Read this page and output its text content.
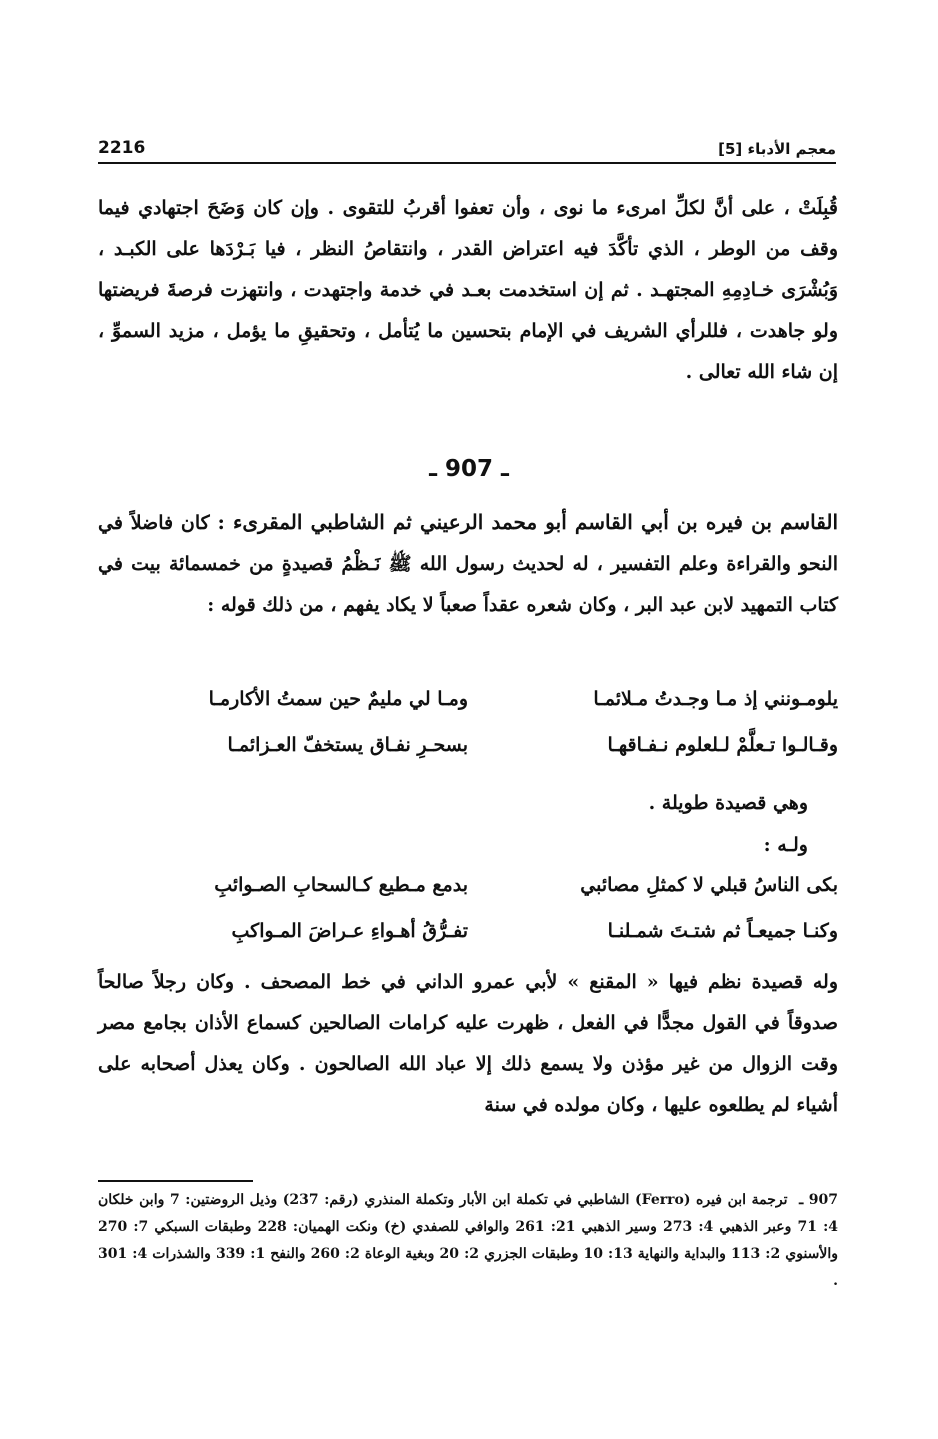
2216	معجم الأدباء [5]
قُبِلَتْ ، على أنَّ لكلِّ امرىء ما نوى ، وأن تعفوا أقربُ للتقوى . وإن كان وَضَحَ اجتهادي فيما وقف من الوطر ، الذي تأكَّدَ فيه اعتراض القدر ، وانتقاصُ النظر ، فيا بَـرْدَها على الكبـد ، وَبُشْرَى خـادِمِهِ المجتهـد . ثم إن استخدمت بعـد في خدمة واجتهدت ، وانتهزت فرصةَ فريضتها ولو جاهدت ، فللرأي الشريف في الإمام بتحسين ما يُتأمل ، وتحقيقِ ما يؤمل ، مزيد السموِّ ، إن شاء الله تعالى .
ـ 907 ـ
القاسم بن فيره بن أبي القاسم أبو محمد الرعيني ثم الشاطبي المقرىء : كان فاضلاً في النحو والقراءة وعلم التفسير ، له لحديث رسول الله ﷺ نَـظْمُ قصيدةٍ من خمسمائة بيت في كتاب التمهيد لابن عبد البر ، وكان شعره عقداً صعباً لا يكاد يفهم ، من ذلك قوله :
يلومـونني إذ مـا وجـدتُ مـلائمـا
ومـا لي مليمٌ حين سمتُ الأكارمـا
وقـالـوا تـعلَّمْ لـلعلوم نـفـاقهـا
بسحـرِ نفـاق يستخفّ العـزائمـا
وهي قصيدة طويلة .
ولـه :
بكى الناسُ قبلي لا كمثلِ مصائبي
بدمع مـطيع كـالسحابِ الصـوائبِ
وكنـا جميعـاً ثم شتـتَ شمـلنـا
تفـرُّقُ أهـواءِ عـراضَ المـواكبِ
وله قصيدة نظم فيها « المقنع » لأبي عمرو الداني في خط المصحف . وكان رجلاً صالحاً صدوقاً في القول مجدًّا في الفعل ، ظهرت عليه كرامات الصالحين كسماع الأذان بجامع مصر وقت الزوال من غير مؤذن ولا يسمع ذلك إلا عباد الله الصالحون . وكان يعذل أصحابه على أشياء لم يطلعوه عليها ، وكان مولده في سنة
907 ـ ترجمة ابن فيره (Ferro) الشاطبي في تكملة ابن الأبار وتكملة المنذري (رقم: 237) وذيل الروضتين: 7 وابن خلكان 4: 71 وعبر الذهبي 4: 273 وسير الذهبي 21: 261 والوافي للصفدي (خ) ونكت الهميان: 228 وطبقات السبكي 7: 270 والأسنوي 2: 113 والبداية والنهاية 13: 10 وطبقات الجزري 2: 20 وبغية الوعاة 2: 260 والنفح 1: 339 والشذرات 4: 301 .
